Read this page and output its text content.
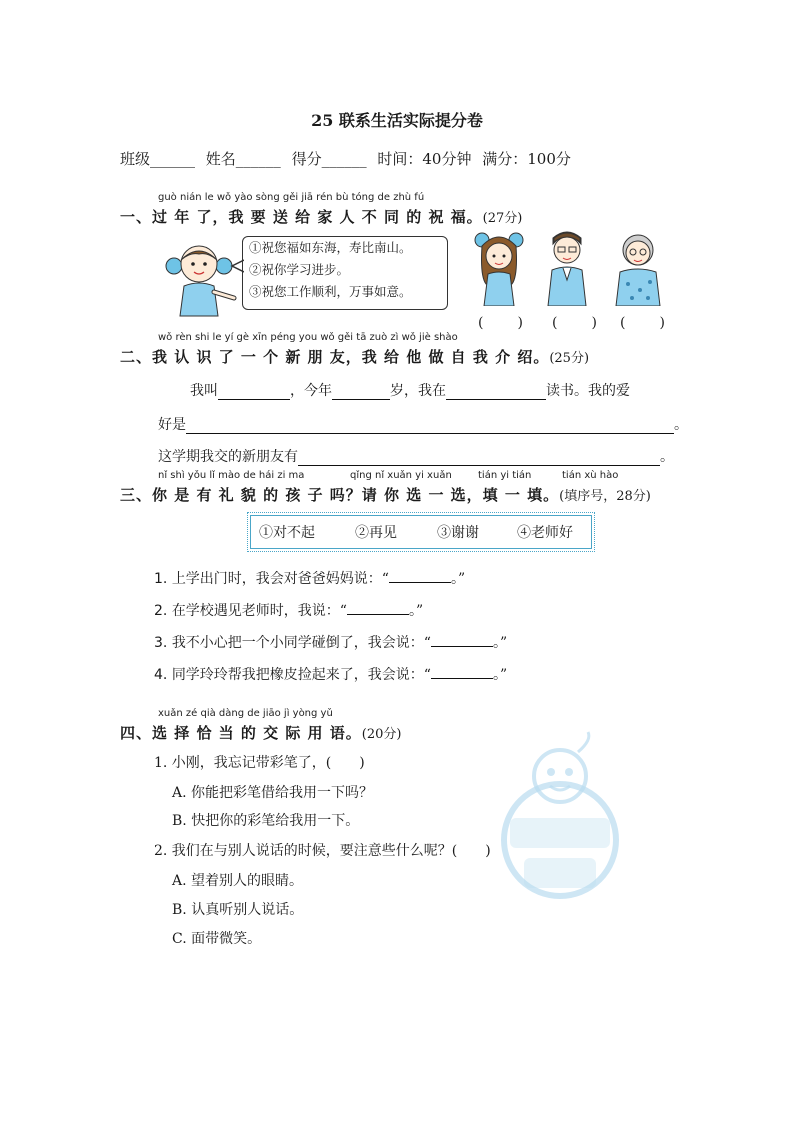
25 联系生活实际提分卷
班级______ 姓名______ 得分______ 时间：40分钟 满分：100分
guò nián le wǒ yào sòng gěi jiā rén bù tóng de zhù fú
一、过 年 了，我 要 送 给 家 人 不 同 的 祝 福。(27分)
①祝您福如东海，寿比南山。
②祝你学习进步。
③祝您工作顺利，万事如意。
(　　) (　　) (　　)
wǒ rèn shi le yí gè xīn péng you wǒ gěi tā zuò zì wǒ jiè shào
二、我 认 识 了 一 个 新 朋 友，我 给 他 做 自 我 介 绍。(25分)
我叫	，今年	岁，我在	读书。我的爱
好是	。
这学期我交的新朋友有	。
nǐ shì yǒu lǐ mào de hái zi ma	qǐng nǐ xuǎn yi xuǎn	tián yi tián	tián xù hào
三、你 是 有 礼 貌 的 孩 子 吗？请 你 选 一 选，填 一 填。(填序号，28分)
①对不起	②再见	③谢谢	④老师好
1. 上学出门时，我会对爸爸妈妈说：“	。”
2. 在学校遇见老师时，我说：“	。”
3. 我不小心把一个小同学碰倒了，我会说：“	。”
4. 同学玲玲帮我把橡皮捡起来了，我会说：“	。”
xuǎn zé qià dàng de jiāo jì yòng yǔ
四、选 择 恰 当 的 交 际 用 语。(20分)
1. 小刚，我忘记带彩笔了，(　　)
A. 你能把彩笔借给我用一下吗？
B. 快把你的彩笔给我用一下。
2. 我们在与别人说话的时候，要注意些什么呢？(　　)
A. 望着别人的眼睛。
B. 认真听别人说话。
C. 面带微笑。
